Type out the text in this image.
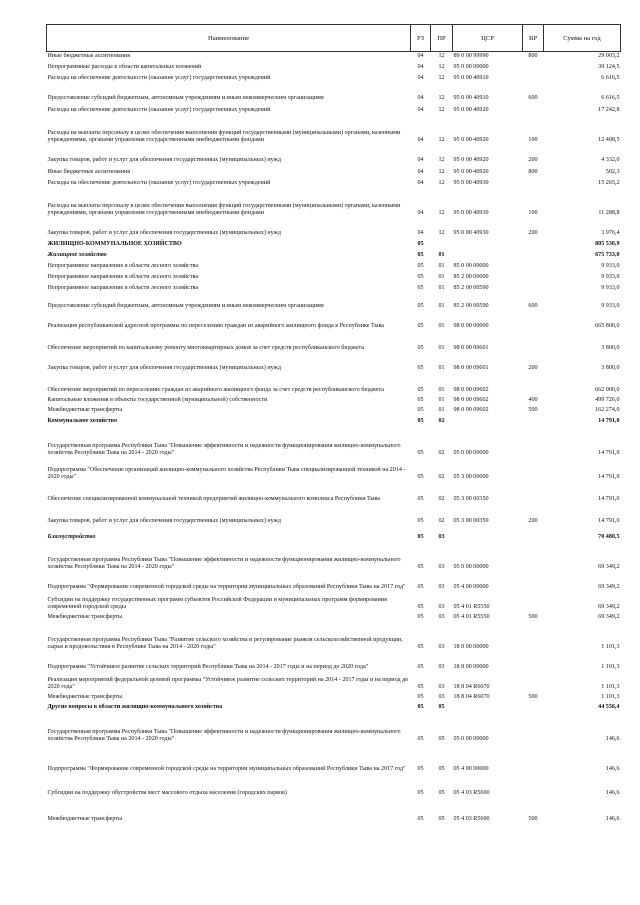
Наименование	РЗ	ПР	ЦСР	ВР	Сумма на год
Иные бюджетные ассигнования	04	12	89 0 00 99990	800	29 003,2
Непрограммные расходы в области капитальных вложений	04	12	95 0 00 00000		39 124,5
Расходы на обеспечение деятельности (оказание услуг) государственных учреждений	04	12	95 0 00 40910		6 616,5
Предоставление субсидий бюджетным, автономным учреждениям и иным некоммерческим организациям	04	12	95 0 00 40910	600	6 616,5
Расходы на обеспечение деятельности (оказание услуг) государственных учреждений	04	12	95 0 00 40920		17 242,8
Расходы на выплаты персоналу в целях обеспечения выполнения функций государственными (муниципальными) органами, казенными учреждениями, органами управления государственными внебюджетными фондами	04	12	95 0 00 40920	100	12 408,5
Закупка товаров, работ и услуг для обеспечения государственных (муниципальных) нужд	04	12	95 0 00 40920	200	4 332,0
Иные бюджетные ассигнования	04	12	95 0 00 40920	800	502,3
Расходы на обеспечение деятельности (оказание услуг) государственных учреждений	04	12	95 0 00 40930		15 265,2
Расходы на выплаты персоналу в целях обеспечения выполнения функций государственными (муниципальными) органами, казенными учреждениями, органами управления государственными внебюджетными фондами	04	12	95 0 00 40930	100	11 288,8
Закупка товаров, работ и услуг для обеспечения государственных (муниципальных) нужд	04	12	95 0 00 40930	200	3 976,4
ЖИЛИЩНО-КОММУНАЛЬНОЕ ХОЗЯЙСТВО	05				805 530,9
Жилищное хозяйство	05	01			675 733,0
Непрограммное направление в области лесного хозяйства	05	01	85 0 00 00000		9 933,0
Непрограммное направление в области лесного хозяйства	05	01	85 2 00 00000		9 933,0
Непрограммное направление в области лесного хозяйства	05	01	85 2 00 00590		9 933,0
Предоставление субсидий бюджетным, автономным учреждениям и иным некоммерческим организациям	05	01	85 2 00 00590	600	9 933,0
Реализация республиканской адресной программы по переселению граждан из аварийного жилищного фонда в Республике Тыва	05	01	98 0 00 00000		665 800,0
Обеспечение мероприятий по капитальному ремонту многоквартирных домов за счет средств республиканского бюджета	05	01	98 0 00 09601		3 800,0
Закупка товаров, работ и услуг для обеспечения государственных (муниципальных) нужд	05	01	98 0 00 09601	200	3 800,0
Обеспечение мероприятий по переселению граждан из аварийного жилищного фонда за счет средств республиканского бюджета	05	01	98 0 00 09602		662 000,0
Капитальные вложения в объекты государственной (муниципальной) собственности	05	01	98 0 00 09602	400	499 726,0
Межбюджетные трансферты	05	01	98 0 00 09602	500	162 274,0
Коммунальное хозяйство	05	02			14 791,0
Государственная программа Республики Тыва "Повышение эффективности и надежности функционирования жилищно-коммунального хозяйства Республики Тыва на 2014 - 2020 годы"	05	02	05 0 00 00000		14 791,0
Подпрограмма "Обеспечение организаций жилищно-коммунального хозяйства Республики Тыва специализированной техникой на 2014 - 2020 годы"	05	02	05 3 00 00000		14 791,0
Обеспечение специализированной коммунальной техникой предприятий жилищно-коммунального комплекса Республики Тыва	05	02	05 3 00 00350		14 791,0
Закупка товаров, работ и услуг для обеспечения государственных (муниципальных) нужд	05	02	05 3 00 00350	200	14 791,0
Благоустройство	05	03			70 480,5
Государственная программа Республики Тыва "Повышение эффективности и надежности функционирования жилищно-коммунального хозяйства Республики Тыва на 2014 - 2020 годы"	05	03	05 0 00 00000		69 349,2
Подпрограмма "Формирование современной городской среды на территории муниципальных образований Республики Тыва на 2017 год"	05	03	05 4 00 00000		69 349,2
Субсидии на поддержку государственных программ субъектов Российской Федерации и муниципальных программ формирования современной городской среды	05	03	05 4 01 R5550		69 349,2
Межбюджетные трансферты	05	03	05 4 01 R5550	500	69 349,2
Государственная программа Республики Тыва "Развитие сельского хозяйства и регулирование рынков сельскохозяйственной продукции, сырья и продовольствия в Республике Тыва на 2014 - 2020 годы"	05	03	18 0 00 00000		1 101,3
Подпрограмма "Устойчивое развитие сельских территорий Республики Тыва на 2014 - 2017 годы и на период до 2020 года"	05	03	18 8 00 00000		1 101,3
Реализация мероприятий федеральной целевой программы "Устойчивое развитие сельских территорий на 2014 - 2017 годы и на период до 2020 года"	05	03	18 8 04 R6070		1 101,3
Межбюджетные трансферты	05	03	18 8 04 R6070	500	1 101,3
Другие вопросы в области жилищно-коммунального хозяйства	05	05			44 556,4
Государственная программа Республики Тыва "Повышение эффективности и надежности функционирования жилищно-коммунального хозяйства Республики Тыва на 2014 - 2020 годы"	05	05	05 0 00 00000		146,6
Подпрограмма "Формирование современной городской среды на территории муниципальных образований Республики Тыва на 2017 год"	05	05	05 4 00 00000		146,6
Субсидии на поддержку обустройства мест массового отдыха населения (городских парков)	05	05	05 4 03 R5600		146,6
Межбюджетные трансферты	05	05	05 4 03 R5600	500	146,6
